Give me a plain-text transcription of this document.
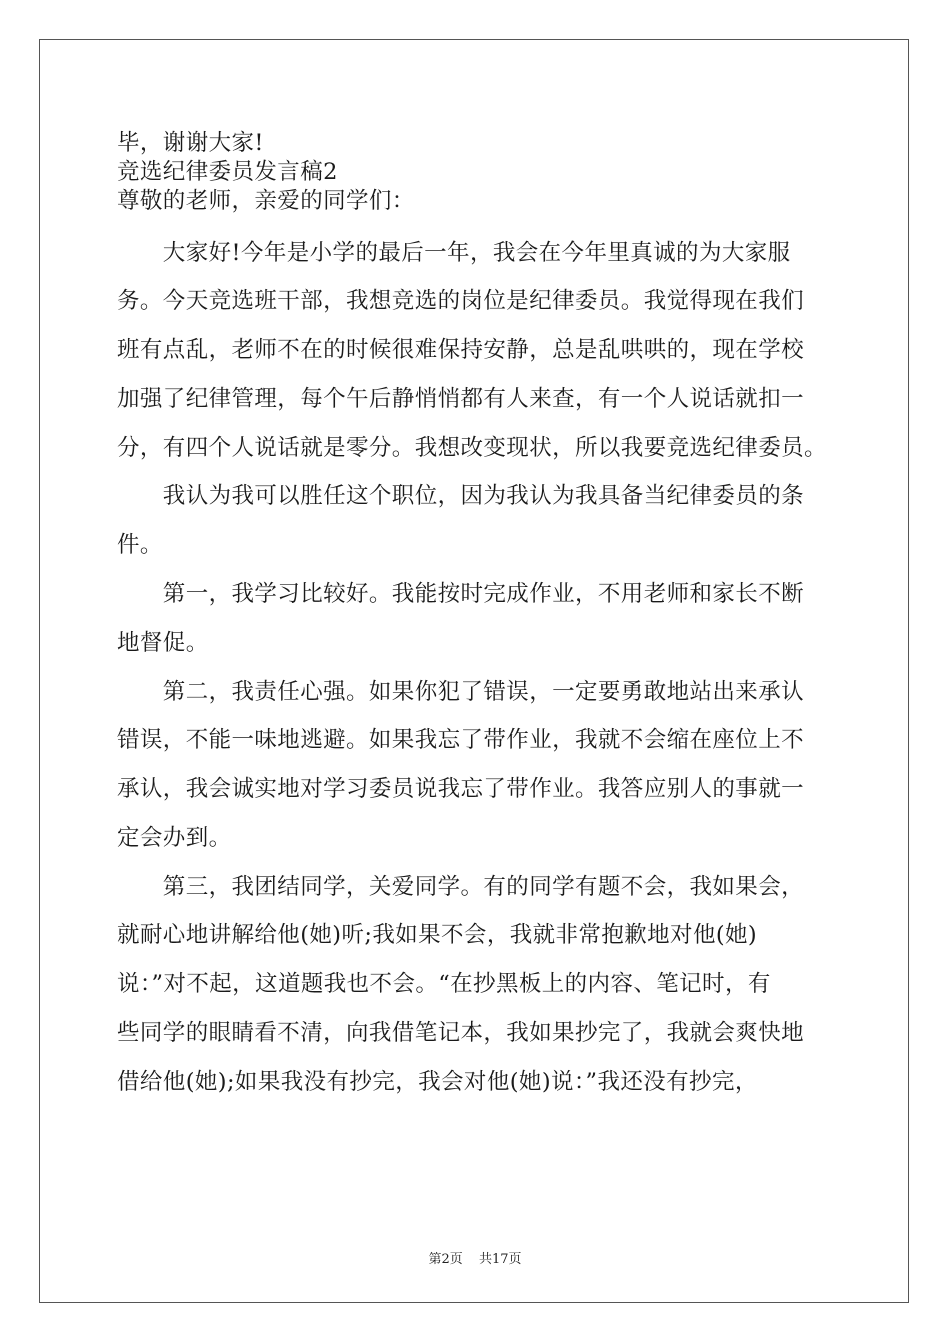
毕，谢谢大家!
竞选纪律委员发言稿2
尊敬的老师，亲爱的同学们：
　　大家好!今年是小学的最后一年，我会在今年里真诚的为大家服
务。今天竞选班干部，我想竞选的岗位是纪律委员。我觉得现在我们
班有点乱，老师不在的时候很难保持安静，总是乱哄哄的，现在学校
加强了纪律管理，每个午后静悄悄都有人来查，有一个人说话就扣一
分，有四个人说话就是零分。我想改变现状，所以我要竞选纪律委员。
　　我认为我可以胜任这个职位，因为我认为我具备当纪律委员的条
件。
　　第一，我学习比较好。我能按时完成作业，不用老师和家长不断
地督促。
　　第二，我责任心强。如果你犯了错误，一定要勇敢地站出来承认
错误，不能一味地逃避。如果我忘了带作业，我就不会缩在座位上不
承认，我会诚实地对学习委员说我忘了带作业。我答应别人的事就一
定会办到。
　　第三，我团结同学，关爱同学。有的同学有题不会，我如果会，
就耐心地讲解给他(她)听;我如果不会，我就非常抱歉地对他(她)
说：”对不起，这道题我也不会。“在抄黑板上的内容、笔记时，有
些同学的眼睛看不清，向我借笔记本，我如果抄完了，我就会爽快地
借给他(她);如果我没有抄完，我会对他(她)说：”我还没有抄完，
第2页 共17页
